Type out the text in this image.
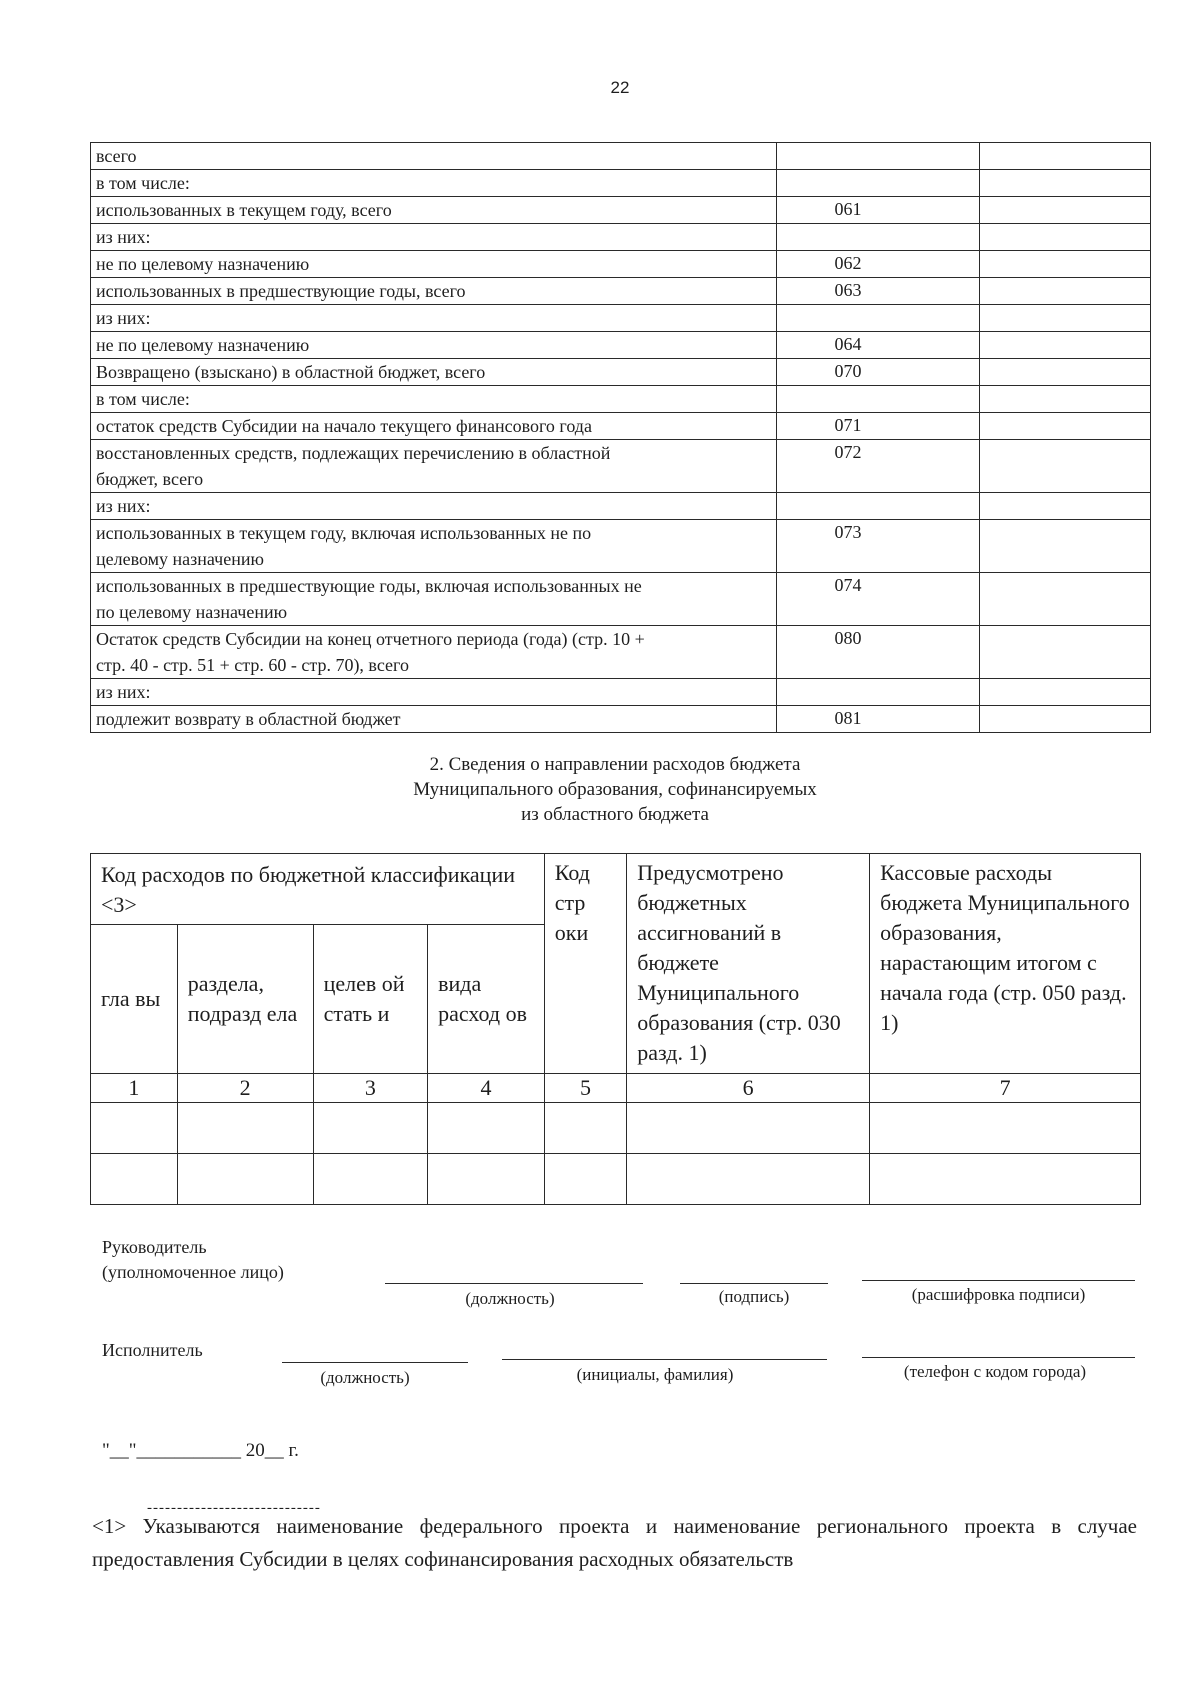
22
всего		

в том числе:		

использованных в текущем году, всего	061	

из них:		

не по целевому назначению	062	

использованных в предшествующие годы, всего	063	

из них:		

не по целевому назначению	064	

Возвращено (взыскано) в областной бюджет, всего	070	

в том числе:		

остаток средств Субсидии на начало текущего финансового года	071	

восстановленных средств, подлежащих перечислению в областной
бюджет, всего	072	

из них:		

использованных в текущем году, включая использованных не по
целевому назначению	073	

использованных в предшествующие годы, включая использованных не
по целевому назначению	074	

Остаток средств Субсидии на конец отчетного периода (года) (стр. 10 +
стр. 40 - стр. 51 + стр. 60 - стр. 70), всего	080	

из них:		

подлежит возврату в областной бюджет	081	
2. Сведения о направлении расходов бюджета
Муниципального образования, софинансируемых
из областного бюджета
Код расходов по бюджетной классификации <3>				Код стр оки	Предусмотрено бюджетных ассигнований в бюджете Муниципального образования (стр. 030 разд. 1)	Кассовые расходы бюджета Муниципального образования, нарастающим итогом с начала года (стр. 050 разд. 1)
гла вы	раздела, подразд ела	целев ой стать и	вида расход ов			
1	2	3	4	5	6	7

Руководитель
(уполномоченное лицо)
(должность)	(подпись)	(расшифровка подписи)
Исполнитель
(должность)	(инициалы, фамилия)	(телефон с кодом города)
"__"___________ 20__ г.
-----------------------------
<1> Указываются наименование федерального проекта и наименование регионального проекта в случае предоставления Субсидии в целях софинансирования расходных обязательств
